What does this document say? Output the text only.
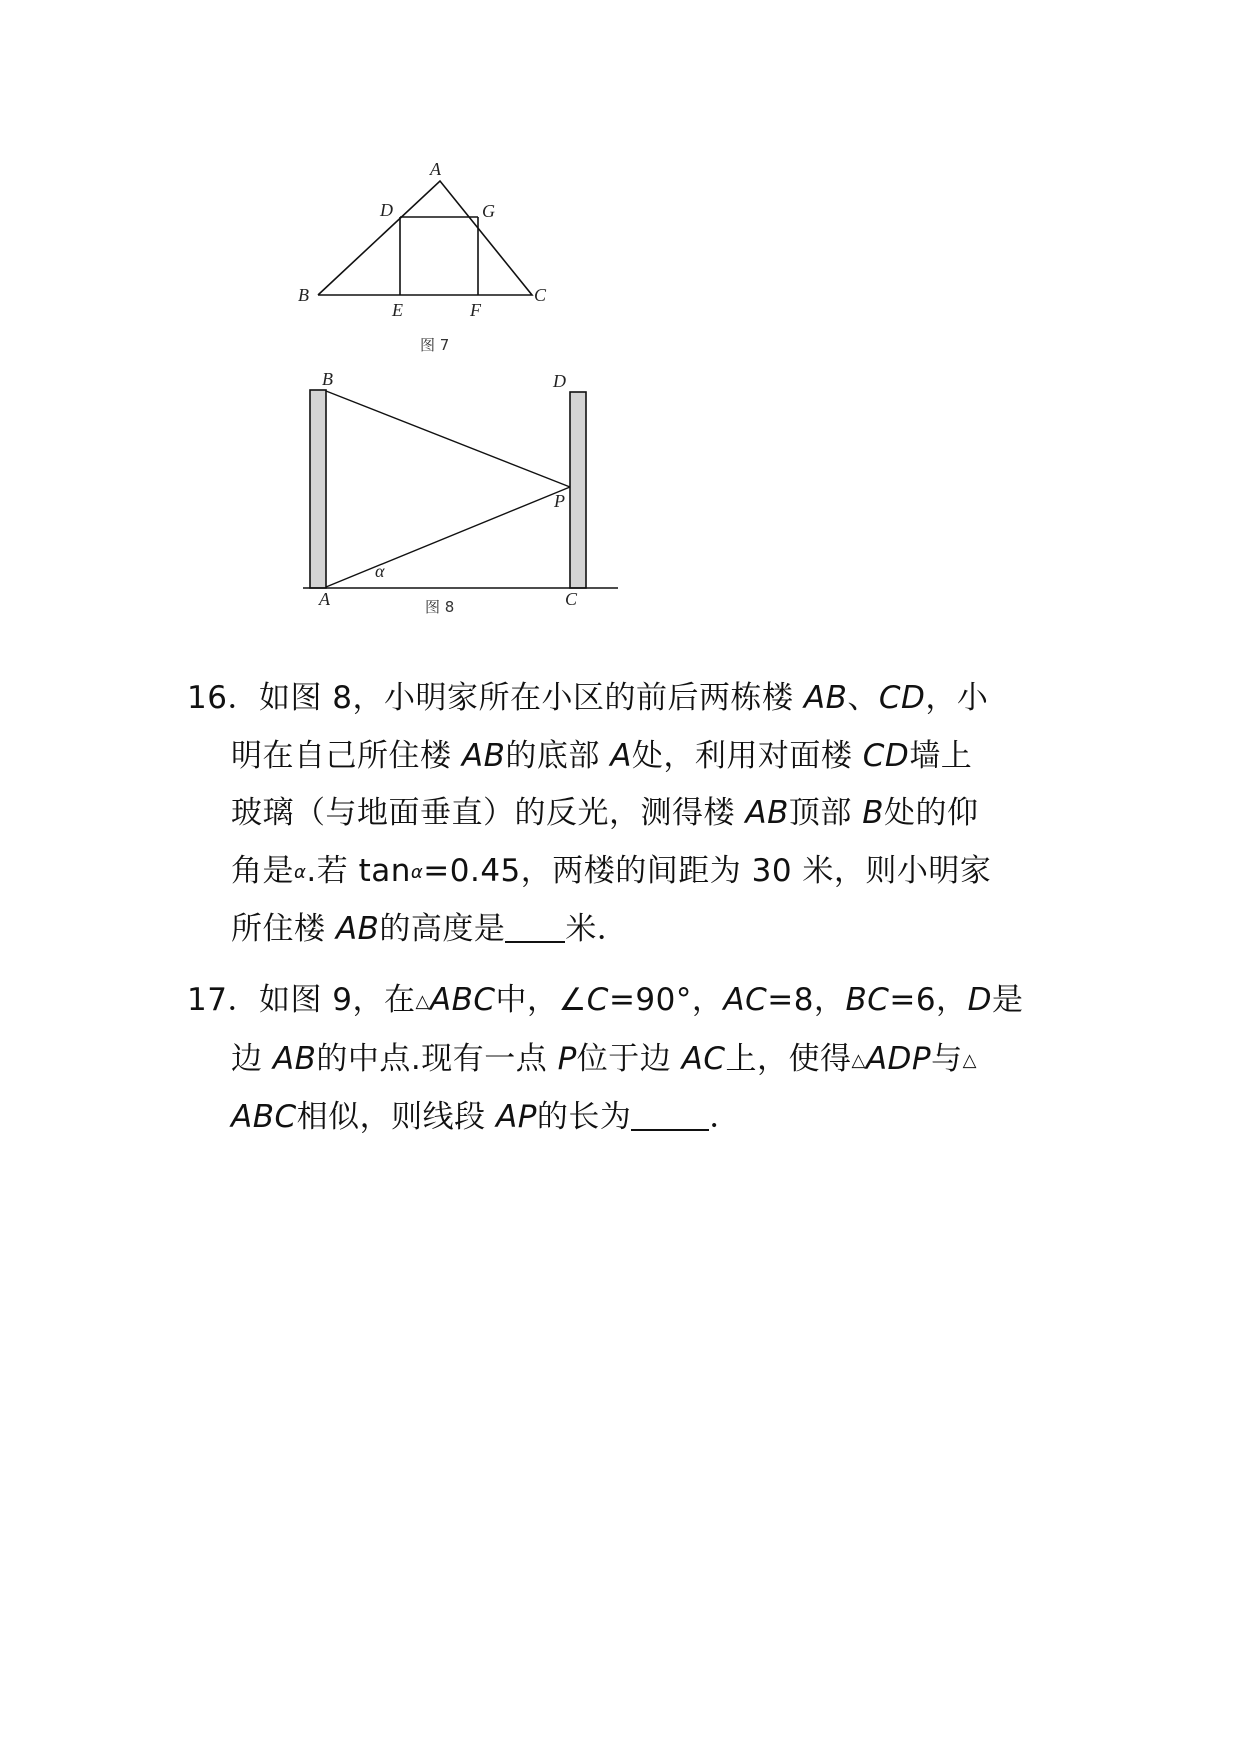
A
D	G
B
E	F
C
图 7
B	D
P
α
A	C
图 8
16．如图 8，小明家所在小区的前后两栋楼 AB、CD，小
明在自己所住楼 AB的底部 A处，利用对面楼 CD墙上
玻璃（与地面垂直）的反光，测得楼 AB顶部 B处的仰
角是α.若 tanα=0.45，两楼的间距为 30 米，则小明家
所住楼 AB的高度是 米．
17．如图 9，在△ABC中，∠C=90°，AC=8，BC=6，D是
边 AB的中点.现有一点 P位于边 AC上，使得△ADP与△
ABC相似，则线段 AP的长为	．
